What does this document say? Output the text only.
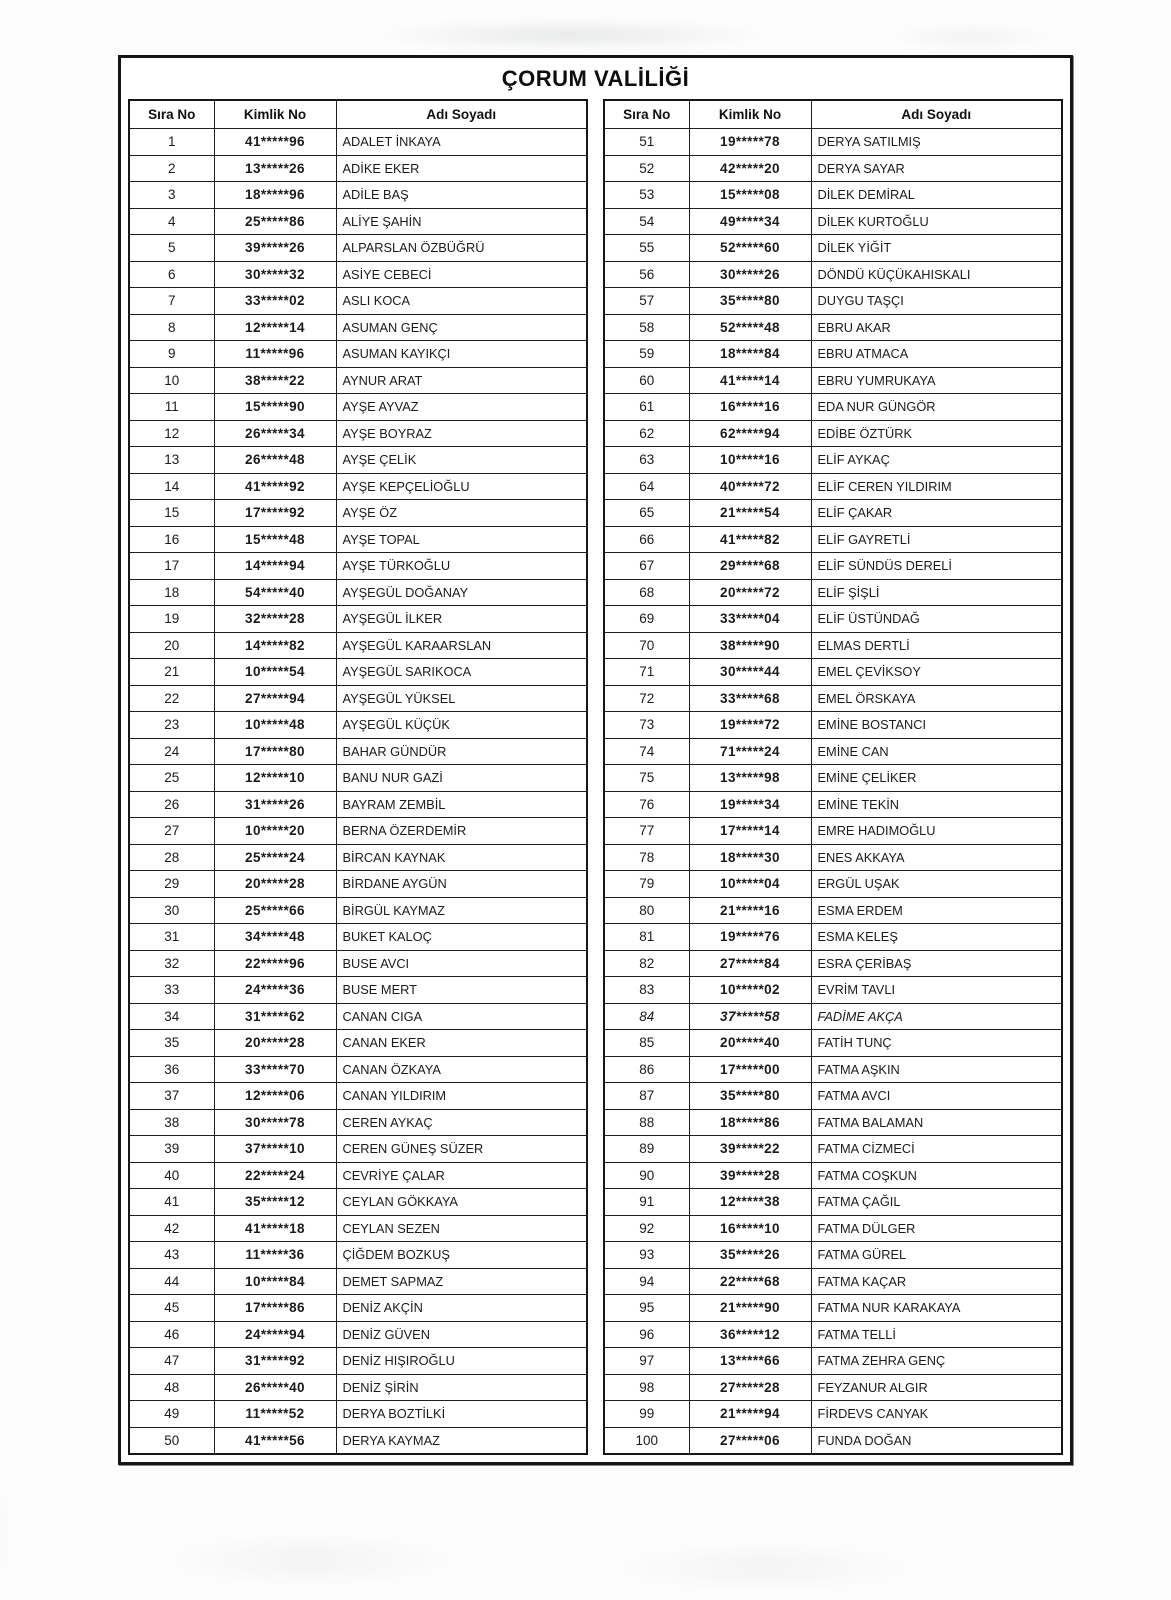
ÇORUM VALİLİĞİ
Sıra No	Kimlik No	Adı Soyadı
1	41*****96	ADALET İNKAYA
2	13*****26	ADİKE EKER
3	18*****96	ADİLE BAŞ
4	25*****86	ALİYE ŞAHİN
5	39*****26	ALPARSLAN ÖZBÜĞRÜ
6	30*****32	ASİYE CEBECİ
7	33*****02	ASLI KOCA
8	12*****14	ASUMAN GENÇ
9	11*****96	ASUMAN KAYIKÇI
10	38*****22	AYNUR ARAT
11	15*****90	AYŞE AYVAZ
12	26*****34	AYŞE BOYRAZ
13	26*****48	AYŞE ÇELİK
14	41*****92	AYŞE KEPÇELİOĞLU
15	17*****92	AYŞE ÖZ
16	15*****48	AYŞE TOPAL
17	14*****94	AYŞE TÜRKOĞLU
18	54*****40	AYŞEGÜL DOĞANAY
19	32*****28	AYŞEGÜL İLKER
20	14*****82	AYŞEGÜL KARAARSLAN
21	10*****54	AYŞEGÜL SARIKOCA
22	27*****94	AYŞEGÜL YÜKSEL
23	10*****48	AYŞEGÜL KÜÇÜK
24	17*****80	BAHAR GÜNDÜR
25	12*****10	BANU NUR GAZİ
26	31*****26	BAYRAM ZEMBİL
27	10*****20	BERNA ÖZERDEMİR
28	25*****24	BİRCAN KAYNAK
29	20*****28	BİRDANE AYGÜN
30	25*****66	BİRGÜL KAYMAZ
31	34*****48	BUKET KALOÇ
32	22*****96	BUSE AVCI
33	24*****36	BUSE MERT
34	31*****62	CANAN CIGA
35	20*****28	CANAN EKER
36	33*****70	CANAN ÖZKAYA
37	12*****06	CANAN YILDIRIM
38	30*****78	CEREN AYKAÇ
39	37*****10	CEREN GÜNEŞ SÜZER
40	22*****24	CEVRİYE ÇALAR
41	35*****12	CEYLAN GÖKKAYA
42	41*****18	CEYLAN SEZEN
43	11*****36	ÇİĞDEM BOZKUŞ
44	10*****84	DEMET SAPMAZ
45	17*****86	DENİZ AKÇİN
46	24*****94	DENİZ GÜVEN
47	31*****92	DENİZ HIŞIROĞLU
48	26*****40	DENİZ ŞİRİN
49	11*****52	DERYA BOZTİLKİ
50	41*****56	DERYA KAYMAZ
Sıra No	Kimlik No	Adı Soyadı
51	19*****78	DERYA SATILMIŞ
52	42*****20	DERYA SAYAR
53	15*****08	DİLEK DEMİRAL
54	49*****34	DİLEK KURTOĞLU
55	52*****60	DİLEK YİĞİT
56	30*****26	DÖNDÜ KÜÇÜKAHISKALI
57	35*****80	DUYGU TAŞÇI
58	52*****48	EBRU AKAR
59	18*****84	EBRU ATMACA
60	41*****14	EBRU YUMRUKAYA
61	16*****16	EDA NUR GÜNGÖR
62	62*****94	EDİBE ÖZTÜRK
63	10*****16	ELİF AYKAÇ
64	40*****72	ELİF CEREN YILDIRIM
65	21*****54	ELİF ÇAKAR
66	41*****82	ELİF GAYRETLİ
67	29*****68	ELİF SÜNDÜS DERELİ
68	20*****72	ELİF ŞİŞLİ
69	33*****04	ELİF ÜSTÜNDAĞ
70	38*****90	ELMAS DERTLİ
71	30*****44	EMEL ÇEVİKSOY
72	33*****68	EMEL ÖRSKAYA
73	19*****72	EMİNE BOSTANCI
74	71*****24	EMİNE CAN
75	13*****98	EMİNE ÇELİKER
76	19*****34	EMİNE TEKİN
77	17*****14	EMRE HADIMOĞLU
78	18*****30	ENES AKKAYA
79	10*****04	ERGÜL UŞAK
80	21*****16	ESMA ERDEM
81	19*****76	ESMA KELEŞ
82	27*****84	ESRA ÇERİBAŞ
83	10*****02	EVRİM TAVLI
84	37*****58	FADİME AKÇA
85	20*****40	FATİH TUNÇ
86	17*****00	FATMA AŞKIN
87	35*****80	FATMA AVCI
88	18*****86	FATMA BALAMAN
89	39*****22	FATMA CİZMECİ
90	39*****28	FATMA COŞKUN
91	12*****38	FATMA ÇAĞIL
92	16*****10	FATMA DÜLGER
93	35*****26	FATMA GÜREL
94	22*****68	FATMA KAÇAR
95	21*****90	FATMA NUR KARAKAYA
96	36*****12	FATMA TELLİ
97	13*****66	FATMA ZEHRA GENÇ
98	27*****28	FEYZANUR ALGIR
99	21*****94	FİRDEVS CANYAK
100	27*****06	FUNDA DOĞAN
